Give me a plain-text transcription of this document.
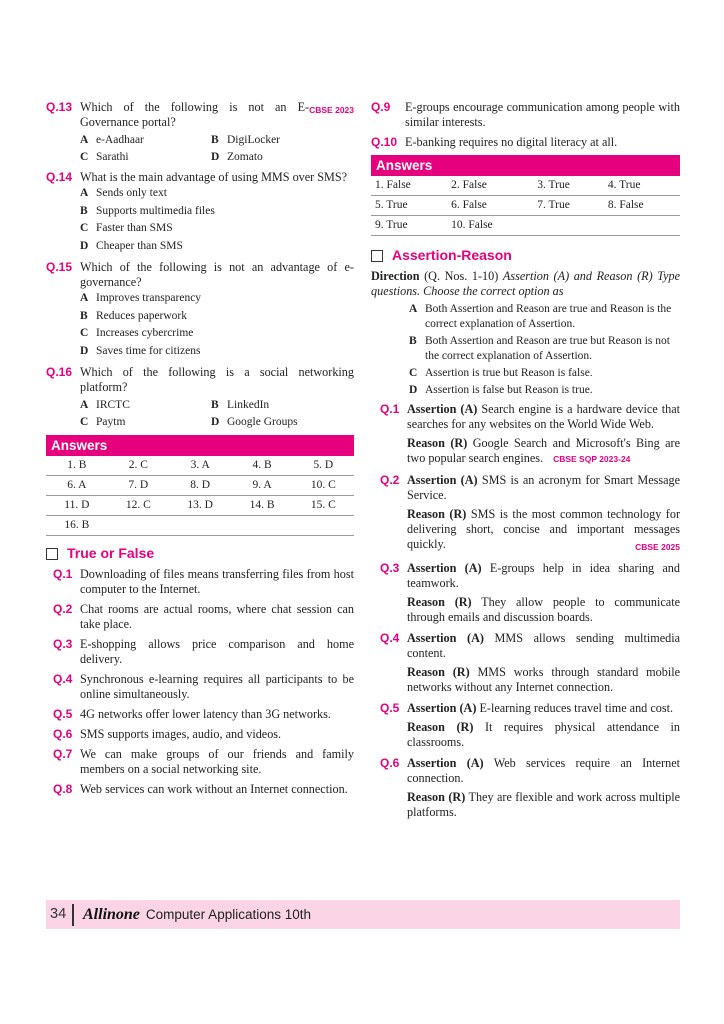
Q.13	CBSE 2023
Which of the following is not an E-Governance portal?
A e-Aadhaar	B DigiLocker
C Sarathi	D Zomato
Q.14 What is the main advantage of using MMS over SMS?
A Sends only text
B Supports multimedia files
C Faster than SMS
D Cheaper than SMS
Q.15 Which of the following is not an advantage of e-governance?
A Improves transparency
B Reduces paperwork
C Increases cybercrime
D Saves time for citizens
Q.16 Which of the following is a social networking platform?
A IRCTC	B LinkedIn
C Paytm	D Google Groups
Answers
1. B	2. C	3. A	4. B	5. D
6. A	7. D	8. D	9. A	10. C
11. D	12. C	13. D	14. B	15. C
16. B				
True or False
Q.1 Downloading of files means transferring files from host computer to the Internet.
Q.2 Chat rooms are actual rooms, where chat session can take place.
Q.3 E-shopping allows price comparison and home delivery.
Q.4 Synchronous e-learning requires all participants to be online simultaneously.
Q.5 4G networks offer lower latency than 3G networks.
Q.6 SMS supports images, audio, and videos.
Q.7 We can make groups of our friends and family members on a social networking site.
Q.8 Web services can work without an Internet connection.
Q.9	E-groups encourage communication among people with similar interests.
Q.10 E-banking requires no digital literacy at all.
Answers
1. False	2. False	3. True	4. True
5. True	6. False	7. True	8. False
9. True	10. False		
Assertion-Reason

Direction (Q. Nos. 1-10) Assertion (A) and Reason (R) Type questions. Choose the correct option as

A Both Assertion and Reason are true and Reason is the correct explanation of Assertion.
B Both Assertion and Reason are true but Reason is not the correct explanation of Assertion.
C Assertion is true but Reason is false.
D Assertion is false but Reason is true.
Q.1 Assertion (A) Search engine is a hardware device that searches for any websites on the World Wide Web.

Reason (R) Google Search and Microsoft's Bing are two popular search engines. CBSE SQP 2023-24

Q.2 Assertion (A) SMS is an acronym for Smart Message Service.

Reason (R) SMS is the most common technology for delivering short, concise and important messages quickly.	CBSE 2025

Q.3 Assertion (A) E-groups help in idea sharing and teamwork.

Reason (R) They allow people to communicate through emails and discussion boards.

Q.4 Assertion (A) MMS allows sending multimedia content.

Reason (R) MMS works through standard mobile networks without any Internet connection.

Q.5 Assertion (A) E-learning reduces travel time and cost.

Reason (R) It requires physical attendance in classrooms.

Q.6 Assertion (A) Web services require an Internet connection.

Reason (R) They are flexible and work across multiple platforms.

34	Allinone Computer Applications 10th
